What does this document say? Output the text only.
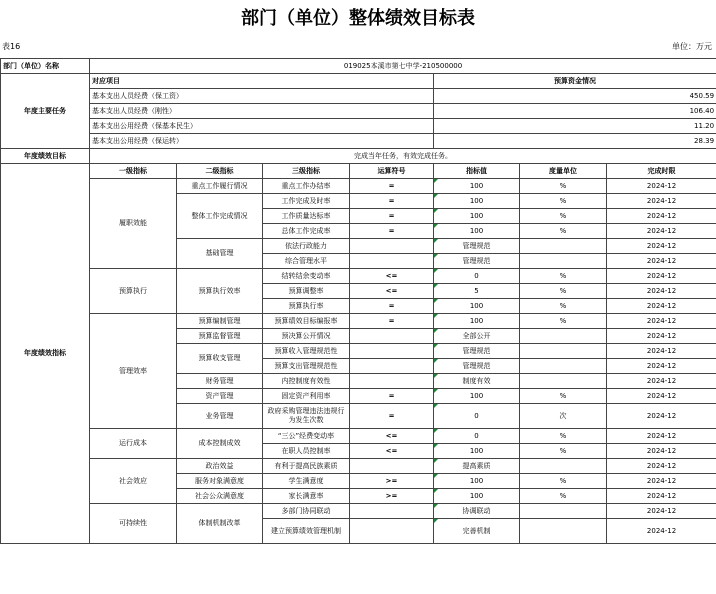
部门（单位）整体绩效目标表
表16	单位：万元
部门（单位）名称	019025本溪市第七中学-210500000						
年度主要任务	对应项目				预算资金情况		
	基本支出人员经费（保工资）				450.59		
	基本支出人员经费（刚性）				106.40		
	基本支出公用经费（保基本民生）				11.20		
	基本支出公用经费（保运转）				28.39		
年度绩效目标	完成当年任务，有效完成任务。						
年度绩效指标	一级指标	二级指标	三级指标	运算符号	指标值	度量单位	完成时限
	履职效能	重点工作履行情况	重点工作办结率	=	100	%	2024-12
		整体工作完成情况	工作完成及时率	=	100	%	2024-12
			工作质量达标率	=	100	%	2024-12
			总体工作完成率	=	100	%	2024-12
		基础管理	依法行政能力		管理规范		2024-12
			综合管理水平		管理规范		2024-12
	预算执行	预算执行效率	结转结余变动率	<=	0	%	2024-12
			预算调整率	<=	5	%	2024-12
			预算执行率	=	100	%	2024-12
	管理效率	预算编制管理	预算绩效目标编报率	=	100	%	2024-12
		预算监督管理	预决算公开情况		全部公开		2024-12
		预算收支管理	预算收入管理规范性		管理规范		2024-12
			预算支出管理规范性		管理规范		2024-12
		财务管理	内控制度有效性		制度有效		2024-12
		资产管理	固定资产利用率	=	100	%	2024-12
		业务管理	政府采购管理违法违规行为发生次数	=	0	次	2024-12
	运行成本	成本控制成效	“三公”经费变动率	<=	0	%	2024-12
			在职人员控制率	<=	100	%	2024-12
	社会效应	政治效益	有利于提高民族素质		提高素质		2024-12
		服务对象满意度	学生满意度	>=	100	%	2024-12
		社会公众满意度	家长满意率	>=	100	%	2024-12
	可持续性	体制机制改革	多部门协同联动		协调联动		2024-12
			建立预算绩效管理机制		完善机制		2024-12
